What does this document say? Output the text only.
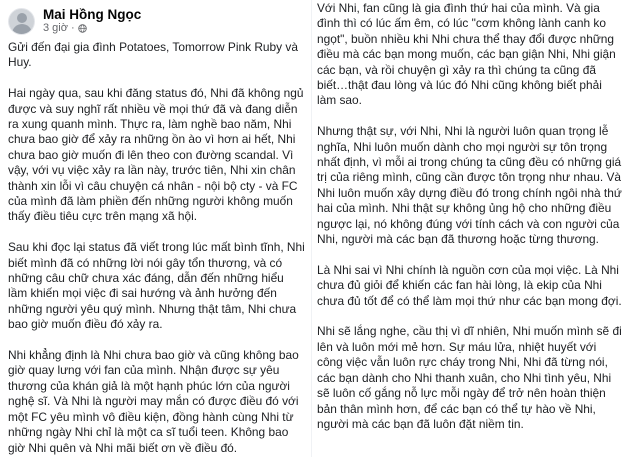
Mai Hồng Ngọc
3 giờ ·

Gửi đến đại gia đình Potatoes, Tomorrow Pink Ruby và Huy.

Hai ngày qua, sau khi đăng status đó, Nhi đã không ngủ được và suy nghĩ rất nhiều về mọi thứ đã và đang diễn ra xung quanh mình. Thực ra, làm nghề bao năm, Nhi chưa bao giờ để xảy ra những ồn ào vì hơn ai hết, Nhi chưa bao giờ muốn đi lên theo con đường scandal. Vì vậy, với vụ việc xảy ra lần này, trước tiên, Nhi xin chân thành xin lỗi vì câu chuyện cá nhân - nội bộ cty - và FC của mình đã làm phiền đến những người không muốn thấy điều tiêu cực trên mạng xã hội.

Sau khi đọc lại status đã viết trong lúc mất bình tĩnh, Nhi biết mình đã có những lời nói gây tổn thương, và có những câu chữ chưa xác đáng, dẫn đến những hiểu lầm khiến mọi việc đi sai hướng và ảnh hưởng đến những người yêu quý mình. Nhưng thật tâm, Nhi chưa bao giờ muốn điều đó xảy ra.

Nhi khẳng định là Nhi chưa bao giờ và cũng không bao giờ quay lưng với fan của mình. Nhận được sự yêu thương của khán giả là một hạnh phúc lớn của người nghệ sĩ. Và Nhi là người may mắn có được điều đó với một FC yêu mình vô điều kiện, đồng hành cùng Nhi từ những ngày Nhi chỉ là một ca sĩ tuổi teen. Không bao giờ Nhi quên và Nhi mãi biết ơn về điều đó.

Với Nhi, fan cũng là gia đình thứ hai của mình. Và gia đình thì có lúc ấm êm, có lúc "cơm không lành canh ko ngọt", buồn nhiều khi Nhi chưa thể thay đổi được những điều mà các bạn mong muốn, các bạn giận Nhi, Nhi giận các bạn, và rồi chuyện gì xảy ra thì chúng ta cũng đã biết…thật đau lòng và lúc đó Nhi cũng không biết phải làm sao.

Nhưng thật sự, với Nhi, Nhi là người luôn quan trọng lễ nghĩa, Nhi luôn muốn dành cho mọi người sự tôn trọng nhất định, vì mỗi ai trong chúng ta cũng đều có những giá trị của riêng mình, cũng cần được tôn trọng như nhau. Và Nhi luôn muốn xây dựng điều đó trong chính ngôi nhà thứ hai của mình. Nhi thật sự không ủng hộ cho những điều ngược lại, nó không đúng với tính cách và con người của Nhi, người mà các bạn đã thương hoặc từng thương.

Là Nhi sai vì Nhi chính là nguồn cơn của mọi việc. Là Nhi chưa đủ giỏi để khiến các fan hài lòng, là ekip của Nhi chưa đủ tốt để có thể làm mọi thứ như các bạn mong đợi.

Nhi sẽ lắng nghe, cầu thị vì dĩ nhiên, Nhi muốn mình sẽ đi lên và luôn mới mẻ hơn. Sự máu lửa, nhiệt huyết với công việc vẫn luôn rực cháy trong Nhi, Nhi đã từng nói, các bạn dành cho Nhi thanh xuân, cho Nhi tình yêu, Nhi sẽ luôn cố gắng nỗ lực mỗi ngày để trở nên hoàn thiện bản thân mình hơn, để các bạn có thể tự hào về Nhi, người mà các bạn đã luôn đặt niềm tin.
